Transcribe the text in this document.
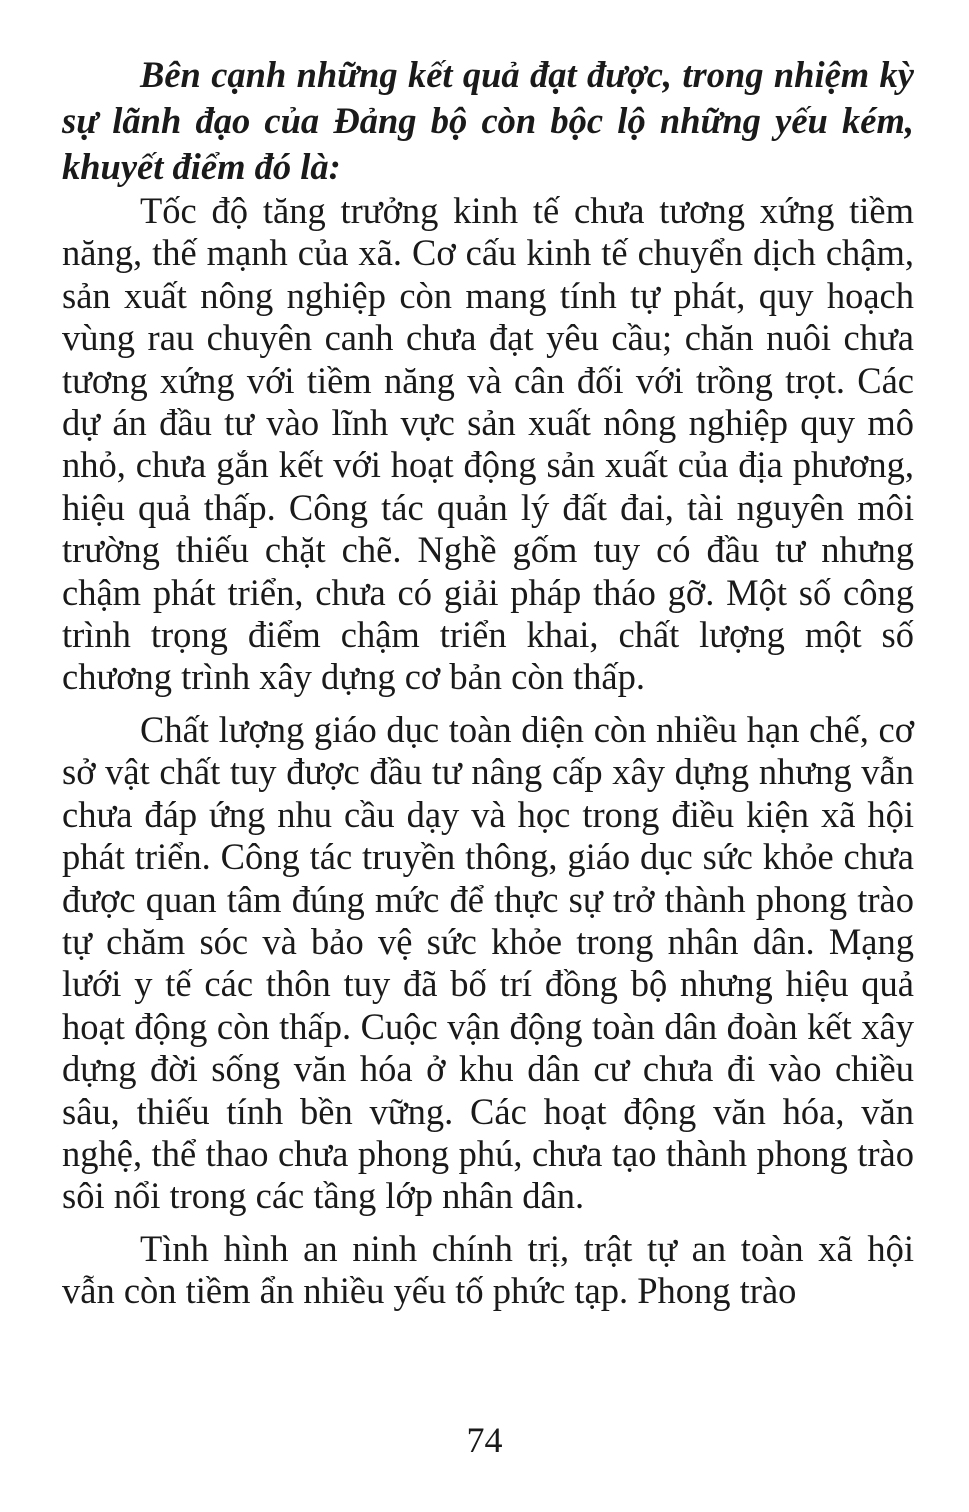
Bên cạnh những kết quả đạt được, trong nhiệm kỳ sự lãnh đạo của Đảng bộ còn bộc lộ những yếu kém, khuyết điểm đó là:

Tốc độ tăng trưởng kinh tế chưa tương xứng tiềm năng, thế mạnh của xã. Cơ cấu kinh tế chuyển dịch chậm, sản xuất nông nghiệp còn mang tính tự phát, quy hoạch vùng rau chuyên canh chưa đạt yêu cầu; chăn nuôi chưa tương xứng với tiềm năng và cân đối với trồng trọt. Các dự án đầu tư vào lĩnh vực sản xuất nông nghiệp quy mô nhỏ, chưa gắn kết với hoạt động sản xuất của địa phương, hiệu quả thấp. Công tác quản lý đất đai, tài nguyên môi trường thiếu chặt chẽ. Nghề gốm tuy có đầu tư nhưng chậm phát triển, chưa có giải pháp tháo gỡ. Một số công trình trọng điểm chậm triển khai, chất lượng một số chương trình xây dựng cơ bản còn thấp.

Chất lượng giáo dục toàn diện còn nhiều hạn chế, cơ sở vật chất tuy được đầu tư nâng cấp xây dựng nhưng vẫn chưa đáp ứng nhu cầu dạy và học trong điều kiện xã hội phát triển. Công tác truyền thông, giáo dục sức khỏe chưa được quan tâm đúng mức để thực sự trở thành phong trào tự chăm sóc và bảo vệ sức khỏe trong nhân dân. Mạng lưới y tế các thôn tuy đã bố trí đồng bộ nhưng hiệu quả hoạt động còn thấp. Cuộc vận động toàn dân đoàn kết xây dựng đời sống văn hóa ở khu dân cư chưa đi vào chiều sâu, thiếu tính bền vững. Các hoạt động văn hóa, văn nghệ, thể thao chưa phong phú, chưa tạo thành phong trào sôi nổi trong các tầng lớp nhân dân.

Tình hình an ninh chính trị, trật tự an toàn xã hội vẫn còn tiềm ẩn nhiều yếu tố phức tạp. Phong trào

74
